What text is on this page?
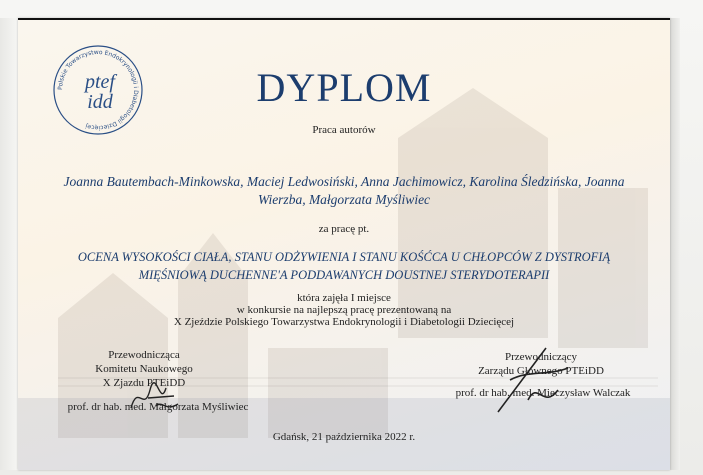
Polskie Towarzystwo Endokrynologii i Diabetologii Dziecięcej
ptef
idd	DYPLOM
Praca autorów
Joanna Bautembach-Minkowska, Maciej Ledwosiński, Anna Jachimowicz, Karolina Śledzińska, Joanna
Wierzba, Małgorzata Myśliwiec
za pracę pt.
OCENA WYSOKOŚCI CIAŁA, STANU ODŻYWIENIA I STANU KOŚĆCA U CHŁOPCÓW Z DYSTROFIĄ
MIĘŚNIOWĄ DUCHENNE'A PODDAWANYCH DOUSTNEJ STERYDOTERAPII
która zajęła I miejsce
w konkursie na najlepszą pracę prezentowaną na
X Zjeździe Polskiego Towarzystwa Endokrynologii i Diabetologii Dziecięcej
Przewodnicząca
Komitetu Naukowego
X Zjazdu PTEiDD
prof. dr hab. med. Małgorzata Myśliwiec
Przewodniczący
Zarządu Głównego PTEiDD
prof. dr hab. med. Mieczysław Walczak
Gdańsk, 21 października 2022 r.
